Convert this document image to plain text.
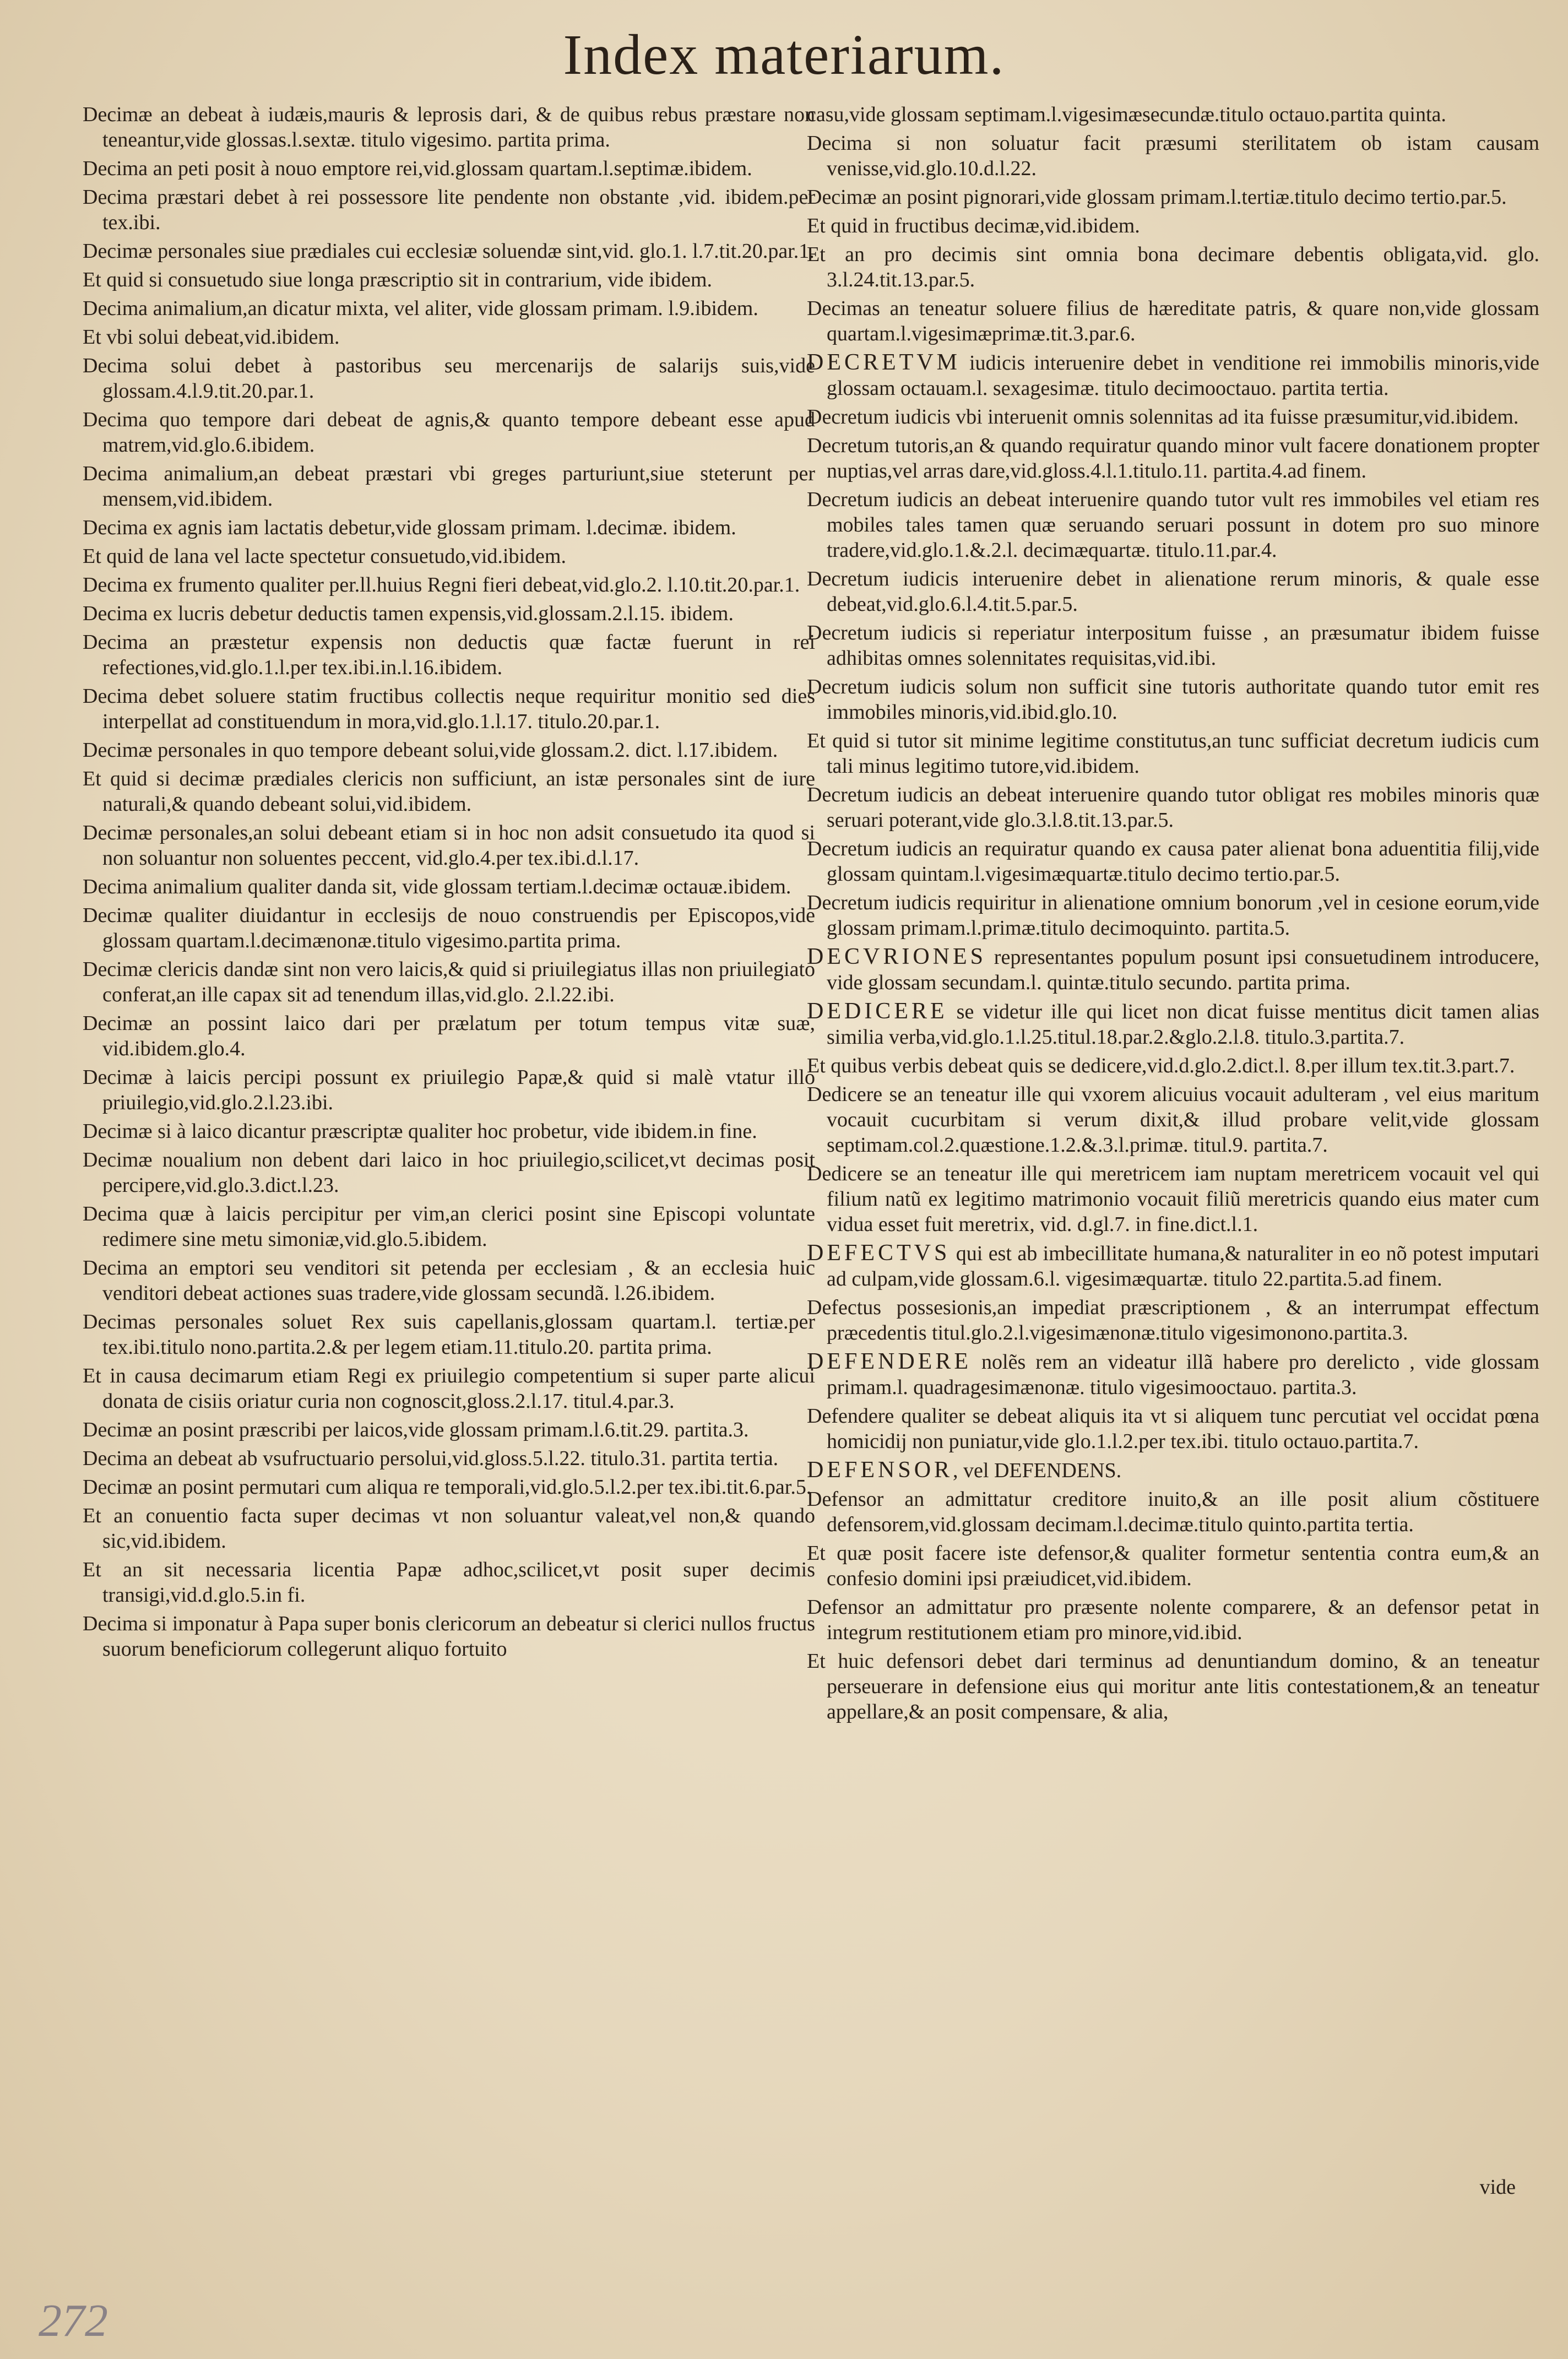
Index materiarum.
Decimæ an debeat à iudæis,mauris & leprosis dari, & de quibus rebus præstare non teneantur,vide glossas.l.sextæ. titulo vigesimo. partita prima.
Decima an peti posit à nouo emptore rei,vid.glossam quartam.l.septimæ.ibidem.
Decima præstari debet à rei possessore lite pendente non obstante ,vid. ibidem.per tex.ibi.
Decimæ personales siue prædiales cui ecclesiæ soluendæ sint,vid. glo.1. l.7.tit.20.par.1.
Et quid si consuetudo siue longa præscriptio sit in contrarium, vide ibidem.
Decima animalium,an dicatur mixta, vel aliter, vide glossam primam. l.9.ibidem.
Et vbi solui debeat,vid.ibidem.
Decima solui debet à pastoribus seu mercenarijs de salarijs suis,vide glossam.4.l.9.tit.20.par.1.
Decima quo tempore dari debeat de agnis,& quanto tempore debeant esse apud matrem,vid.glo.6.ibidem.
Decima animalium,an debeat præstari vbi greges parturiunt,siue steterunt per mensem,vid.ibidem.
Decima ex agnis iam lactatis debetur,vide glossam primam. l.decimæ. ibidem.
Et quid de lana vel lacte spectetur consuetudo,vid.ibidem.
Decima ex frumento qualiter per.ll.huius Regni fieri debeat,vid.glo.2. l.10.tit.20.par.1.
Decima ex lucris debetur deductis tamen expensis,vid.glossam.2.l.15. ibidem.
Decima an præstetur expensis non deductis quæ factæ fuerunt in rei refectiones,vid.glo.1.l.per tex.ibi.in.l.16.ibidem.
Decima debet soluere statim fructibus collectis neque requiritur monitio sed dies interpellat ad constituendum in mora,vid.glo.1.l.17. titulo.20.par.1.
Decimæ personales in quo tempore debeant solui,vide glossam.2. dict. l.17.ibidem.
Et quid si decimæ prædiales clericis non sufficiunt, an istæ personales sint de iure naturali,& quando debeant solui,vid.ibidem.
Decimæ personales,an solui debeant etiam si in hoc non adsit consuetudo ita quod si non soluantur non soluentes peccent, vid.glo.4.per tex.ibi.d.l.17.
Decima animalium qualiter danda sit, vide glossam tertiam.l.decimæ octauæ.ibidem.
Decimæ qualiter diuidantur in ecclesijs de nouo construendis per Episcopos,vide glossam quartam.l.decimænonæ.titulo vigesimo.partita prima.
Decimæ clericis dandæ sint non vero laicis,& quid si priuilegiatus illas non priuilegiato conferat,an ille capax sit ad tenendum illas,vid.glo. 2.l.22.ibi.
Decimæ an possint laico dari per prælatum per totum tempus vitæ suæ, vid.ibidem.glo.4.
Decimæ à laicis percipi possunt ex priuilegio Papæ,& quid si malè vtatur illo priuilegio,vid.glo.2.l.23.ibi.
Decimæ si à laico dicantur præscriptæ qualiter hoc probetur, vide ibidem.in fine.
Decimæ noualium non debent dari laico in hoc priuilegio,scilicet,vt decimas posit percipere,vid.glo.3.dict.l.23.
Decima quæ à laicis percipitur per vim,an clerici posint sine Episcopi voluntate redimere sine metu simoniæ,vid.glo.5.ibidem.
Decima an emptori seu venditori sit petenda per ecclesiam , & an ecclesia huic venditori debeat actiones suas tradere,vide glossam secundã. l.26.ibidem.
Decimas personales soluet Rex suis capellanis,glossam quartam.l. tertiæ.per tex.ibi.titulo nono.partita.2.& per legem etiam.11.titulo.20. partita prima.
Et in causa decimarum etiam Regi ex priuilegio competentium si super parte alicui donata de cisiis oriatur curia non cognoscit,gloss.2.l.17. titul.4.par.3.
Decimæ an posint præscribi per laicos,vide glossam primam.l.6.tit.29. partita.3.
Decima an debeat ab vsufructuario persolui,vid.gloss.5.l.22. titulo.31. partita tertia.
Decimæ an posint permutari cum aliqua re temporali,vid.glo.5.l.2.per tex.ibi.tit.6.par.5.
Et an conuentio facta super decimas vt non soluantur valeat,vel non,& quando sic,vid.ibidem.
Et an sit necessaria licentia Papæ adhoc,scilicet,vt posit super decimis transigi,vid.d.glo.5.in fi.
Decima si imponatur à Papa super bonis clericorum an debeatur si clerici nullos fructus suorum beneficiorum collegerunt aliquo fortuito
casu,vide glossam septimam.l.vigesimæsecundæ.titulo octauo.partita quinta.
Decima si non soluatur facit præsumi sterilitatem ob istam causam venisse,vid.glo.10.d.l.22.
Decimæ an posint pignorari,vide glossam primam.l.tertiæ.titulo decimo tertio.par.5.
Et quid in fructibus decimæ,vid.ibidem.
Et an pro decimis sint omnia bona decimare debentis obligata,vid. glo. 3.l.24.tit.13.par.5.
Decimas an teneatur soluere filius de hæreditate patris, & quare non,vide glossam quartam.l.vigesimæprimæ.tit.3.par.6.
DECRETVM iudicis interuenire debet in venditione rei immobilis minoris,vide glossam octauam.l. sexagesimæ. titulo decimooctauo. partita tertia.
Decretum iudicis vbi interuenit omnis solennitas ad ita fuisse præsumitur,vid.ibidem.
Decretum tutoris,an & quando requiratur quando minor vult facere donationem propter nuptias,vel arras dare,vid.gloss.4.l.1.titulo.11. partita.4.ad finem.
Decretum iudicis an debeat interuenire quando tutor vult res immobiles vel etiam res mobiles tales tamen quæ seruando seruari possunt in dotem pro suo minore tradere,vid.glo.1.&.2.l. decimæquartæ. titulo.11.par.4.
Decretum iudicis interuenire debet in alienatione rerum minoris, & quale esse debeat,vid.glo.6.l.4.tit.5.par.5.
Decretum iudicis si reperiatur interpositum fuisse , an præsumatur ibidem fuisse adhibitas omnes solennitates requisitas,vid.ibi.
Decretum iudicis solum non sufficit sine tutoris authoritate quando tutor emit res immobiles minoris,vid.ibid.glo.10.
Et quid si tutor sit minime legitime constitutus,an tunc sufficiat decretum iudicis cum tali minus legitimo tutore,vid.ibidem.
Decretum iudicis an debeat interuenire quando tutor obligat res mobiles minoris quæ seruari poterant,vide glo.3.l.8.tit.13.par.5.
Decretum iudicis an requiratur quando ex causa pater alienat bona aduentitia filij,vide glossam quintam.l.vigesimæquartæ.titulo decimo tertio.par.5.
Decretum iudicis requiritur in alienatione omnium bonorum ,vel in cesione eorum,vide glossam primam.l.primæ.titulo decimoquinto. partita.5.
DECVRIONES representantes populum posunt ipsi consuetudinem introducere, vide glossam secundam.l. quintæ.titulo secundo. partita prima.
DEDICERE se videtur ille qui licet non dicat fuisse mentitus dicit tamen alias similia verba,vid.glo.1.l.25.titul.18.par.2.&glo.2.l.8. titulo.3.partita.7.
Et quibus verbis debeat quis se dedicere,vid.d.glo.2.dict.l. 8.per illum tex.tit.3.part.7.
Dedicere se an teneatur ille qui vxorem alicuius vocauit adulteram , vel eius maritum vocauit cucurbitam si verum dixit,& illud probare velit,vide glossam septimam.col.2.quæstione.1.2.&.3.l.primæ. titul.9. partita.7.
Dedicere se an teneatur ille qui meretricem iam nuptam meretricem vocauit vel qui filium natũ ex legitimo matrimonio vocauit filiũ meretricis quando eius mater cum vidua esset fuit meretrix, vid. d.gl.7. in fine.dict.l.1.
DEFECTVS qui est ab imbecillitate humana,& naturaliter in eo nõ potest imputari ad culpam,vide glossam.6.l. vigesimæquartæ. titulo 22.partita.5.ad finem.
Defectus possesionis,an impediat præscriptionem , & an interrumpat effectum præcedentis titul.glo.2.l.vigesimænonæ.titulo vigesimonono.partita.3.
DEFENDERE nolẽs rem an videatur illã habere pro derelicto , vide glossam primam.l. quadragesimænonæ. titulo vigesimooctauo. partita.3.
Defendere qualiter se debeat aliquis ita vt si aliquem tunc percutiat vel occidat pœna homicidij non puniatur,vide glo.1.l.2.per tex.ibi. titulo octauo.partita.7.
DEFENSOR, vel DEFENDENS.
Defensor an admittatur creditore inuito,& an ille posit alium cõstituere defensorem,vid.glossam decimam.l.decimæ.titulo quinto.partita tertia.
Et quæ posit facere iste defensor,& qualiter formetur sententia contra eum,& an confesio domini ipsi præiudicet,vid.ibidem.
Defensor an admittatur pro præsente nolente comparere, & an defensor petat in integrum restitutionem etiam pro minore,vid.ibid.
Et huic defensori debet dari terminus ad denuntiandum domino, & an teneatur perseuerare in defensione eius qui moritur ante litis contestationem,& an teneatur appellare,& an posit compensare, & alia,
vide
272
